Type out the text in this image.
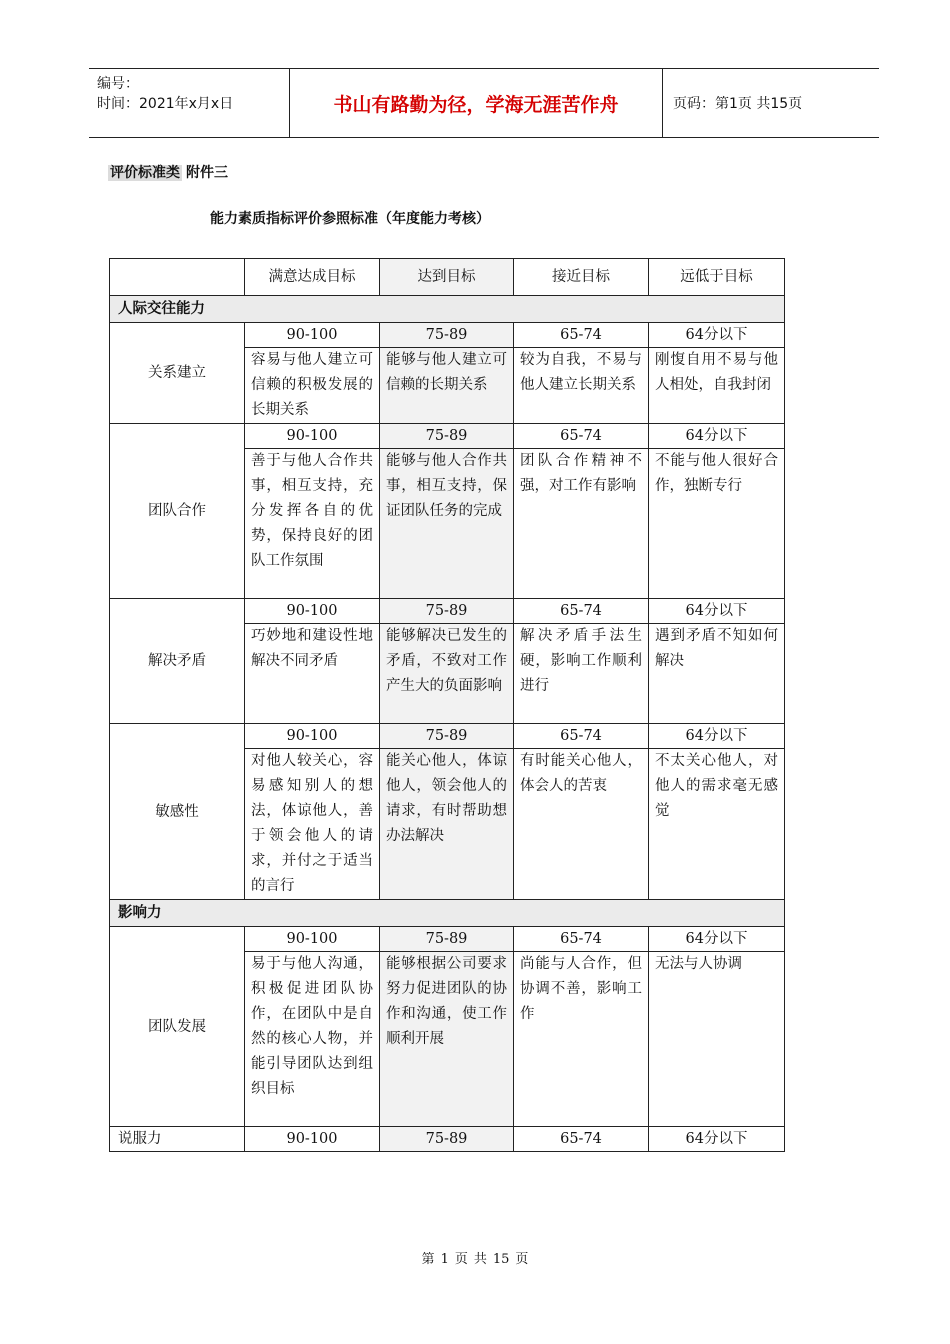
编号：
时间：2021年x月x日	书山有路勤为径，学海无涯苦作舟	页码：第1页 共15页
评价标准类 附件三
能力素质指标评价参照标准（年度能力考核）
	满意达成目标	达到目标	接近目标	远低于目标
人际交往能力				
关系建立	90-100	75-89	65-74	64分以下
	容易与他人建立可信赖的积极发展的长期关系	能够与他人建立可信赖的长期关系	较为自我，不易与他人建立长期关系	刚愎自用不易与他人相处，自我封闭
团队合作	90-100	75-89	65-74	64分以下
	善于与他人合作共事，相互支持，充分发挥各自的优势，保持良好的团队工作氛围	能够与他人合作共事，相互支持，保证团队任务的完成	团队合作精神不强，对工作有影响	不能与他人很好合作，独断专行
解决矛盾	90-100	75-89	65-74	64分以下
	巧妙地和建设性地解决不同矛盾	能够解决已发生的矛盾，不致对工作产生大的负面影响	解决矛盾手法生硬，影响工作顺利进行	遇到矛盾不知如何解决
敏感性	90-100	75-89	65-74	64分以下
	对他人较关心，容易感知别人的想法，体谅他人，善于领会他人的请求，并付之于适当的言行	能关心他人，体谅他人，领会他人的请求，有时帮助想办法解决	有时能关心他人，体会人的苦衷	不太关心他人，对他人的需求毫无感觉
影响力				
团队发展	90-100	75-89	65-74	64分以下
	易于与他人沟通，积极促进团队协作，在团队中是自然的核心人物，并能引导团队达到组织目标	能够根据公司要求努力促进团队的协作和沟通，使工作顺利开展	尚能与人合作，但协调不善，影响工作	无法与人协调
说服力	90-100	75-89	65-74	64分以下
第 1 页 共 15 页
